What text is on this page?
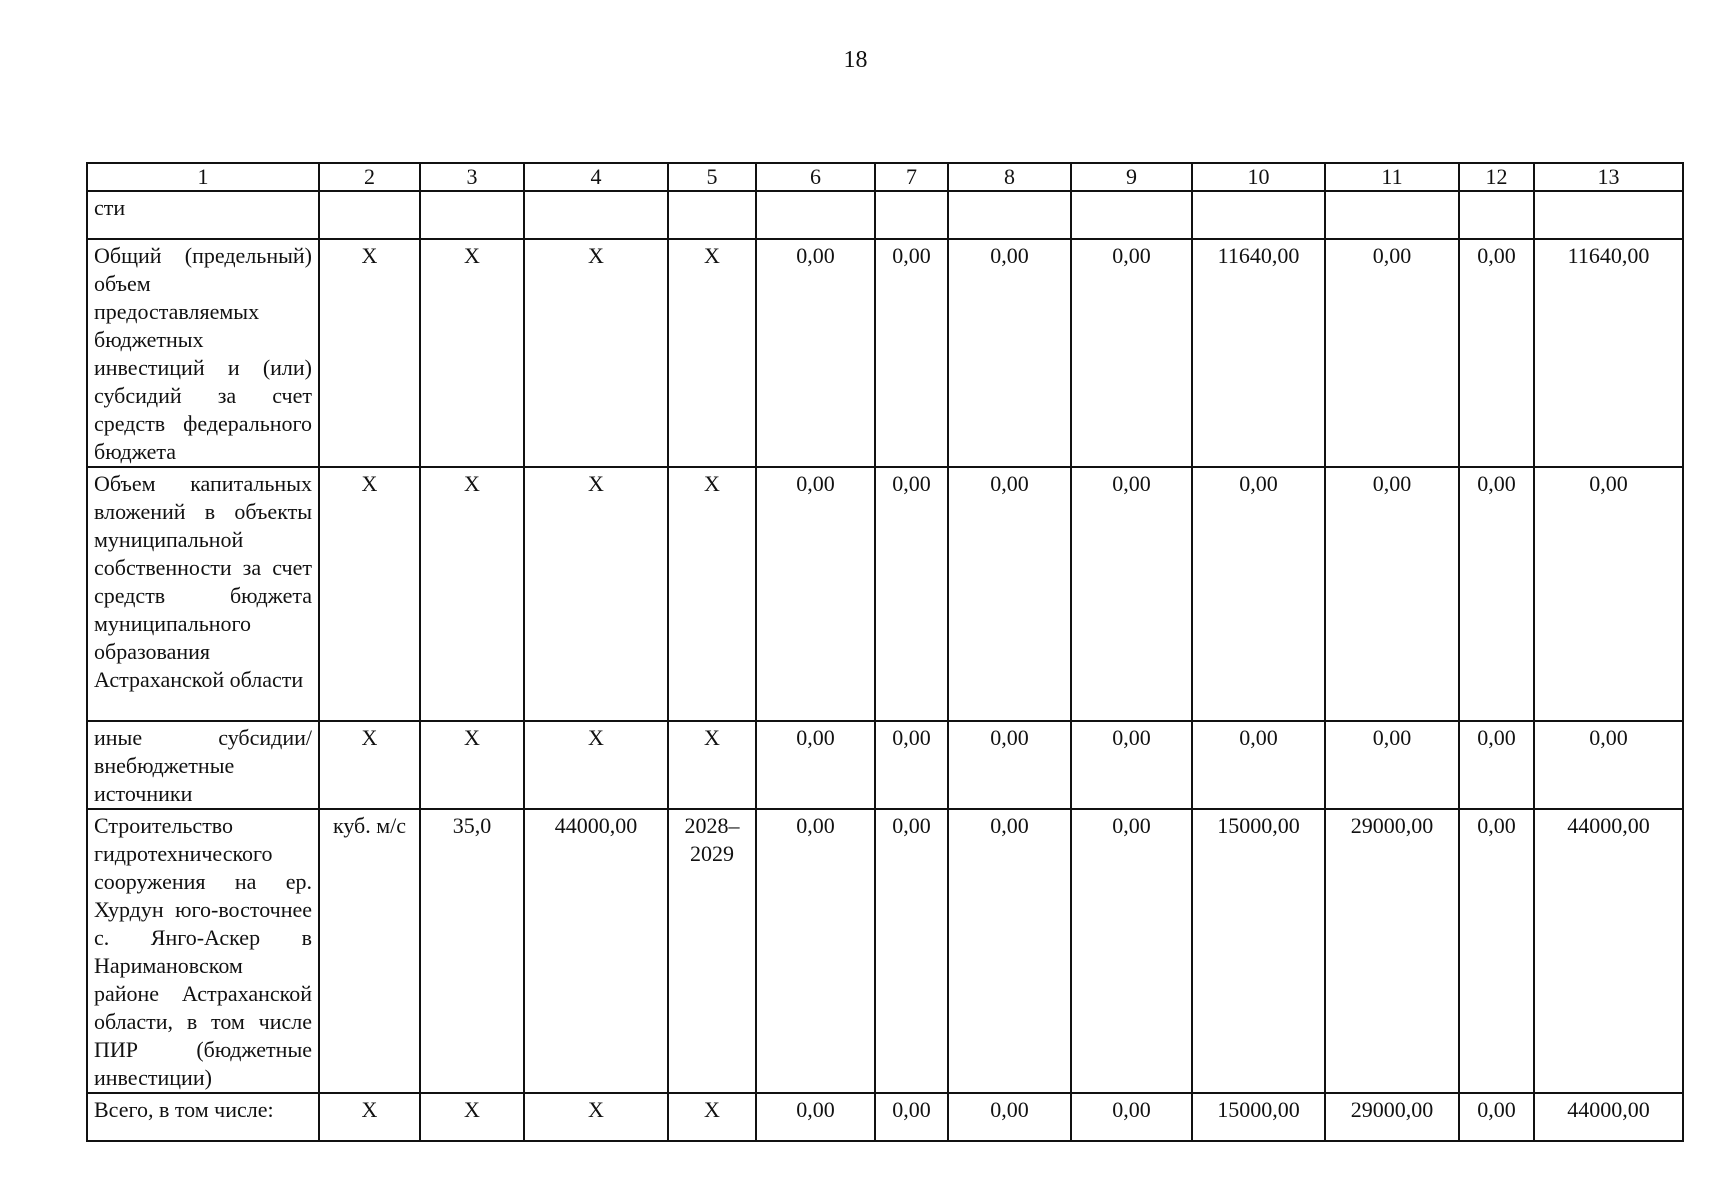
18
1	2	3	4	5	6	7	8	9	10	11	12	13
сти												
Общий (предельный) объем предоставляемых бюджетных инвестиций и (или) субсидий за счет средств федерального бюджета	Х	Х	Х	Х	0,00	0,00	0,00	0,00	11640,00	0,00	0,00	11640,00
Объем капитальных вложений в объекты муниципальной собственности за счет средств бюджета муниципального образования Астраханской области	Х	Х	Х	Х	0,00	0,00	0,00	0,00	0,00	0,00	0,00	0,00
иные субсидии/ внебюджетные источники	Х	Х	Х	Х	0,00	0,00	0,00	0,00	0,00	0,00	0,00	0,00
Строительство гидротехнического сооружения на ер. Хурдун юго-восточнее с. Янго-Аскер в Наримановском районе Астраханской области, в том числе ПИР (бюджетные инвестиции)	куб. м/с	35,0	44000,00	2028–2029	0,00	0,00	0,00	0,00	15000,00	29000,00	0,00	44000,00
Всего, в том числе:	Х	Х	Х	Х	0,00	0,00	0,00	0,00	15000,00	29000,00	0,00	44000,00
